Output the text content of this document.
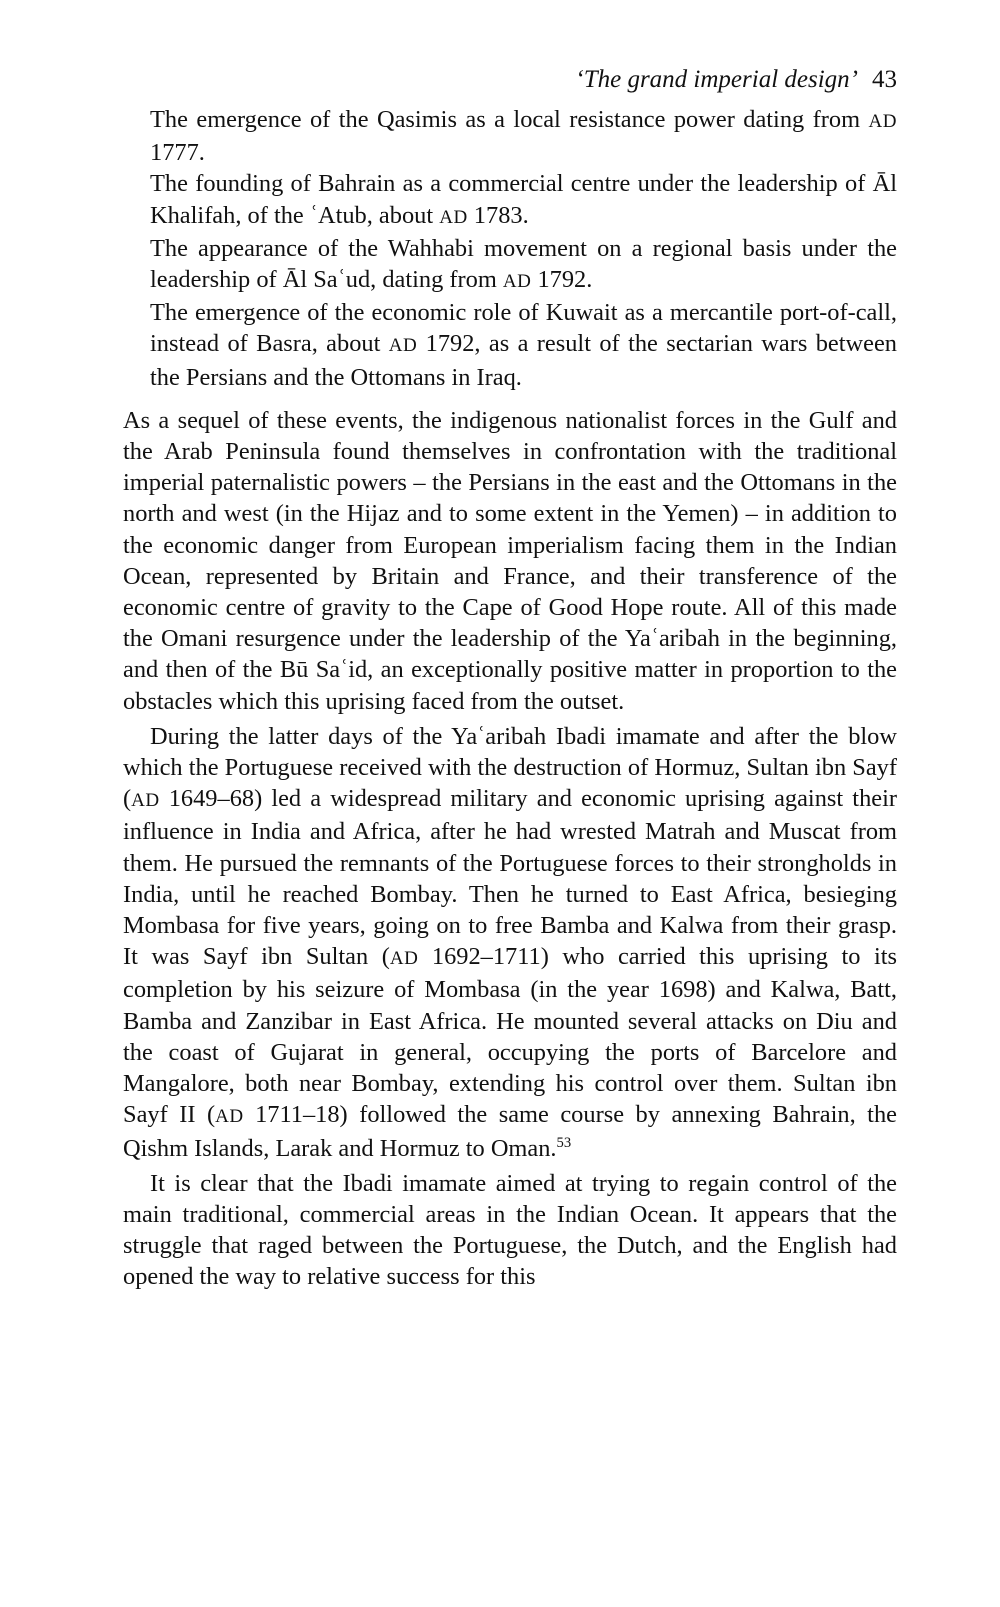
‘The grand imperial design’ 43
The emergence of the Qasimis as a local resistance power dating from AD 1777.
The founding of Bahrain as a commercial centre under the leadership of Āl Khalifah, of the ʿAtub, about AD 1783.
The appearance of the Wahhabi movement on a regional basis under the leadership of Āl Saʿud, dating from AD 1792.
The emergence of the economic role of Kuwait as a mercantile port-of-call, instead of Basra, about AD 1792, as a result of the sectarian wars between the Persians and the Ottomans in Iraq.

As a sequel of these events, the indigenous nationalist forces in the Gulf and the Arab Peninsula found themselves in confrontation with the traditional imperial paternalistic powers – the Persians in the east and the Ottomans in the north and west (in the Hijaz and to some extent in the Yemen) – in addition to the economic danger from European imperialism facing them in the Indian Ocean, represented by Britain and France, and their transference of the economic centre of gravity to the Cape of Good Hope route. All of this made the Omani resurgence under the leadership of the Yaʿaribah in the beginning, and then of the Bū Saʿid, an exceptionally positive matter in proportion to the obstacles which this uprising faced from the outset.

During the latter days of the Yaʿaribah Ibadi imamate and after the blow which the Portuguese received with the destruction of Hormuz, Sultan ibn Sayf (AD 1649–68) led a widespread military and economic uprising against their influence in India and Africa, after he had wrested Matrah and Muscat from them. He pursued the remnants of the Portuguese forces to their strongholds in India, until he reached Bombay. Then he turned to East Africa, besieging Mombasa for five years, going on to free Bamba and Kalwa from their grasp. It was Sayf ibn Sultan (AD 1692–1711) who carried this uprising to its completion by his seizure of Mombasa (in the year 1698) and Kalwa, Batt, Bamba and Zanzibar in East Africa. He mounted several attacks on Diu and the coast of Gujarat in general, occupying the ports of Barcelore and Mangalore, both near Bombay, extending his control over them. Sultan ibn Sayf II (AD 1711–18) followed the same course by annexing Bahrain, the Qishm Islands, Larak and Hormuz to Oman.$^{53}$

It is clear that the Ibadi imamate aimed at trying to regain control of the main traditional, commercial areas in the Indian Ocean. It appears that the struggle that raged between the Portuguese, the Dutch, and the English had opened the way to relative success for this
